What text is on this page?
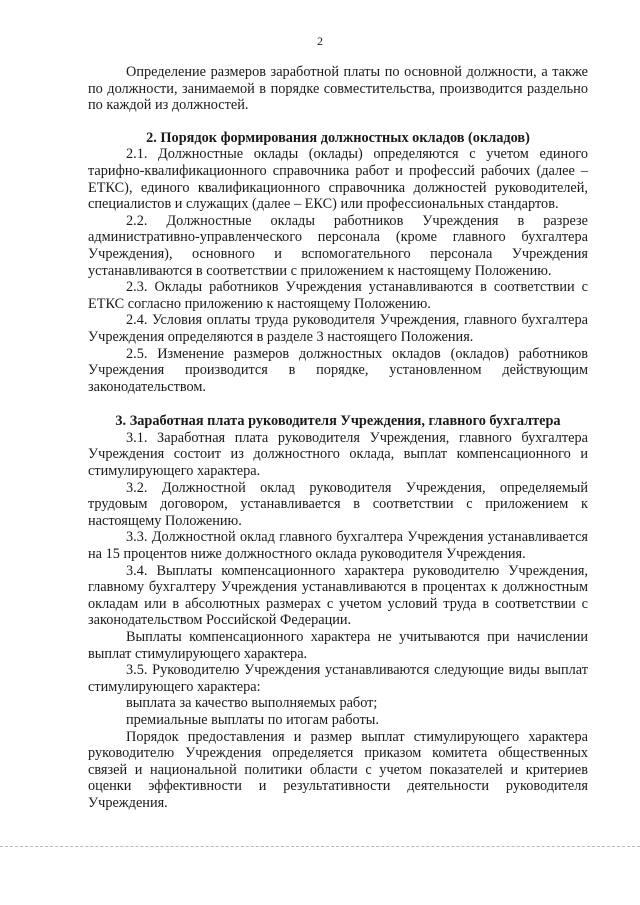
2

Определение размеров заработной платы по основной должности, а также по должности, занимаемой в порядке совместительства, производится раздельно по каждой из должностей.

2. Порядок формирования должностных окладов (окладов)

2.1. Должностные оклады (оклады) определяются с учетом единого тарифно-квалификационного справочника работ и профессий рабочих (далее – ЕТКС), единого квалификационного справочника должностей руководителей, специалистов и служащих (далее – ЕКС) или профессиональных стандартов.

2.2. Должностные оклады работников Учреждения в разрезе административно-управленческого персонала (кроме главного бухгалтера Учреждения), основного и вспомогательного персонала Учреждения устанавливаются в соответствии с приложением к настоящему Положению.

2.3. Оклады работников Учреждения устанавливаются в соответствии с ЕТКС согласно приложению к настоящему Положению.

2.4. Условия оплаты труда руководителя Учреждения, главного бухгалтера Учреждения определяются в разделе 3 настоящего Положения.

2.5. Изменение размеров должностных окладов (окладов) работников Учреждения производится в порядке, установленном действующим законодательством.

3. Заработная плата руководителя Учреждения, главного бухгалтера

3.1. Заработная плата руководителя Учреждения, главного бухгалтера Учреждения состоит из должностного оклада, выплат компенсационного и стимулирующего характера.

3.2. Должностной оклад руководителя Учреждения, определяемый трудовым договором, устанавливается в соответствии с приложением к настоящему Положению.

3.3. Должностной оклад главного бухгалтера Учреждения устанавливается на 15 процентов ниже должностного оклада руководителя Учреждения.

3.4. Выплаты компенсационного характера руководителю Учреждения, главному бухгалтеру Учреждения устанавливаются в процентах к должностным окладам или в абсолютных размерах с учетом условий труда в соответствии с законодательством Российской Федерации.

Выплаты компенсационного характера не учитываются при начислении выплат стимулирующего характера.

3.5. Руководителю Учреждения устанавливаются следующие виды выплат стимулирующего характера:

выплата за качество выполняемых работ;

премиальные выплаты по итогам работы.

Порядок предоставления и размер выплат стимулирующего характера руководителю Учреждения определяется приказом комитета общественных связей и национальной политики области с учетом показателей и критериев оценки эффективности и результативности деятельности руководителя Учреждения.
